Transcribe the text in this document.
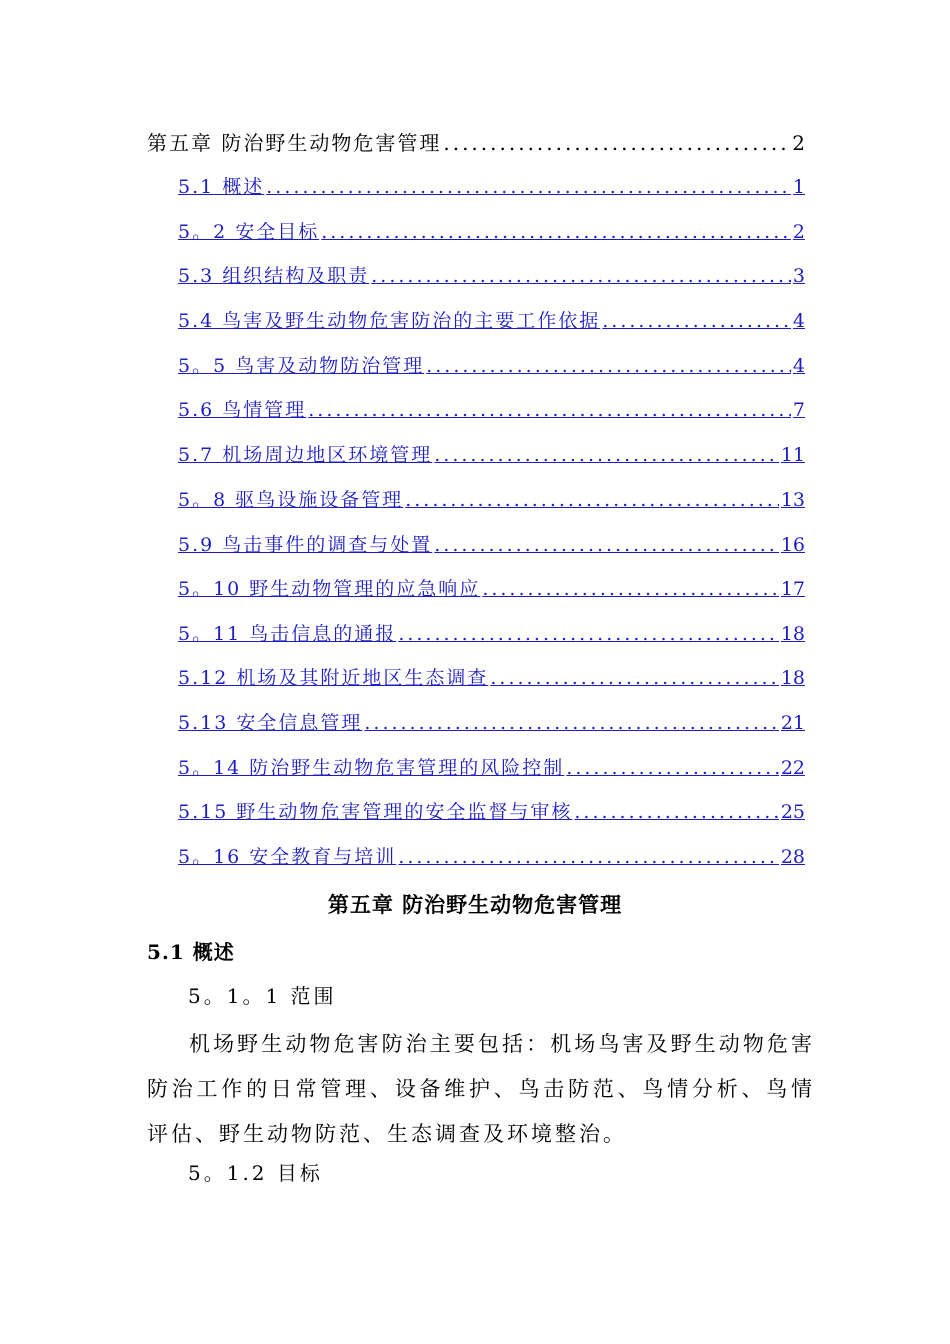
第五章 防治野生动物危害管理 .....	2
5.1 概述 .....	1
5。2 安全目标 .....	2
5.3 组织结构及职责 .....	3
5.4 鸟害及野生动物危害防治的主要工作依据 .....	4
5。5 鸟害及动物防治管理 .....	4
5.6 鸟情管理 .....	7
5.7 机场周边地区环境管理 .....	11
5。8 驱鸟设施设备管理 .....	13
5.9 鸟击事件的调查与处置 .....	16
5。10 野生动物管理的应急响应 .....	17
5。11 鸟击信息的通报 .....	18
5.12 机场及其附近地区生态调查 .....	18
5.13 安全信息管理 .....	21
5。14 防治野生动物危害管理的风险控制 .....	22
5.15 野生动物危害管理的安全监督与审核 .....	25
5。16 安全教育与培训 .....	28
第五章 防治野生动物危害管理
5.1 概述
5。1。1 范围
机场野生动物危害防治主要包括：机场鸟害及野生动物危害防治工作的日常管理、设备维护、鸟击防范、鸟情分析、鸟情评估、野生动物防范、生态调查及环境整治。
5。1.2 目标
